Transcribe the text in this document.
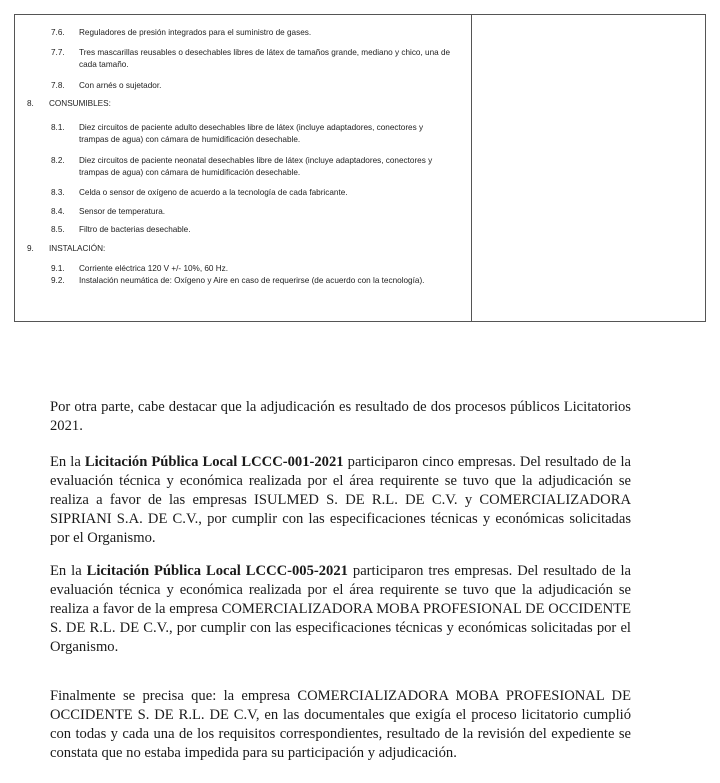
7.6.	Reguladores de presión integrados para el suministro de gases.
7.7.	Tres mascarillas reusables o desechables libres de látex de tamaños grande, mediano y chico, una de cada tamaño.
7.8.	Con arnés o sujetador.
8.	CONSUMIBLES:
8.1.	Diez circuitos de paciente adulto desechables libre de látex (incluye adaptadores, conectores y trampas de agua) con cámara de humidificación desechable.
8.2.	Diez circuitos de paciente neonatal desechables libre de látex (incluye adaptadores, conectores y trampas de agua) con cámara de humidificación desechable.
8.3.	Celda o sensor de oxígeno de acuerdo a la tecnología de cada fabricante.
8.4.	Sensor de temperatura.
8.5.	Filtro de bacterias desechable.
9.	INSTALACIÓN:
9.1.	Corriente eléctrica 120 V +/- 10%, 60 Hz.
9.2.	Instalación neumática de: Oxígeno y Aire en caso de requerirse (de acuerdo con la tecnología).

Por otra parte, cabe destacar que la adjudicación es resultado de dos procesos públicos Licitatorios 2021.

En la Licitación Pública Local LCCC-001-2021 participaron cinco empresas. Del resultado de la evaluación técnica y económica realizada por el área requirente se tuvo que la adjudicación se realiza a favor de las empresas ISULMED S. DE R.L. DE C.V. y COMERCIALIZADORA SIPRIANI S.A. DE C.V., por cumplir con las especificaciones técnicas y económicas solicitadas por el Organismo.

En la Licitación Pública Local LCCC-005-2021 participaron tres empresas. Del resultado de la evaluación técnica y económica realizada por el área requirente se tuvo que la adjudicación se realiza a favor de la empresa COMERCIALIZADORA MOBA PROFESIONAL DE OCCIDENTE S. DE R.L. DE C.V., por cumplir con las especificaciones técnicas y económicas solicitadas por el Organismo.

Finalmente se precisa que: la empresa COMERCIALIZADORA MOBA PROFESIONAL DE OCCIDENTE S. DE R.L. DE C.V, en las documentales que exigía el proceso licitatorio cumplió con todas y cada una de los requisitos correspondientes, resultado de la revisión del expediente se constata que no estaba impedida para su participación y adjudicación.
